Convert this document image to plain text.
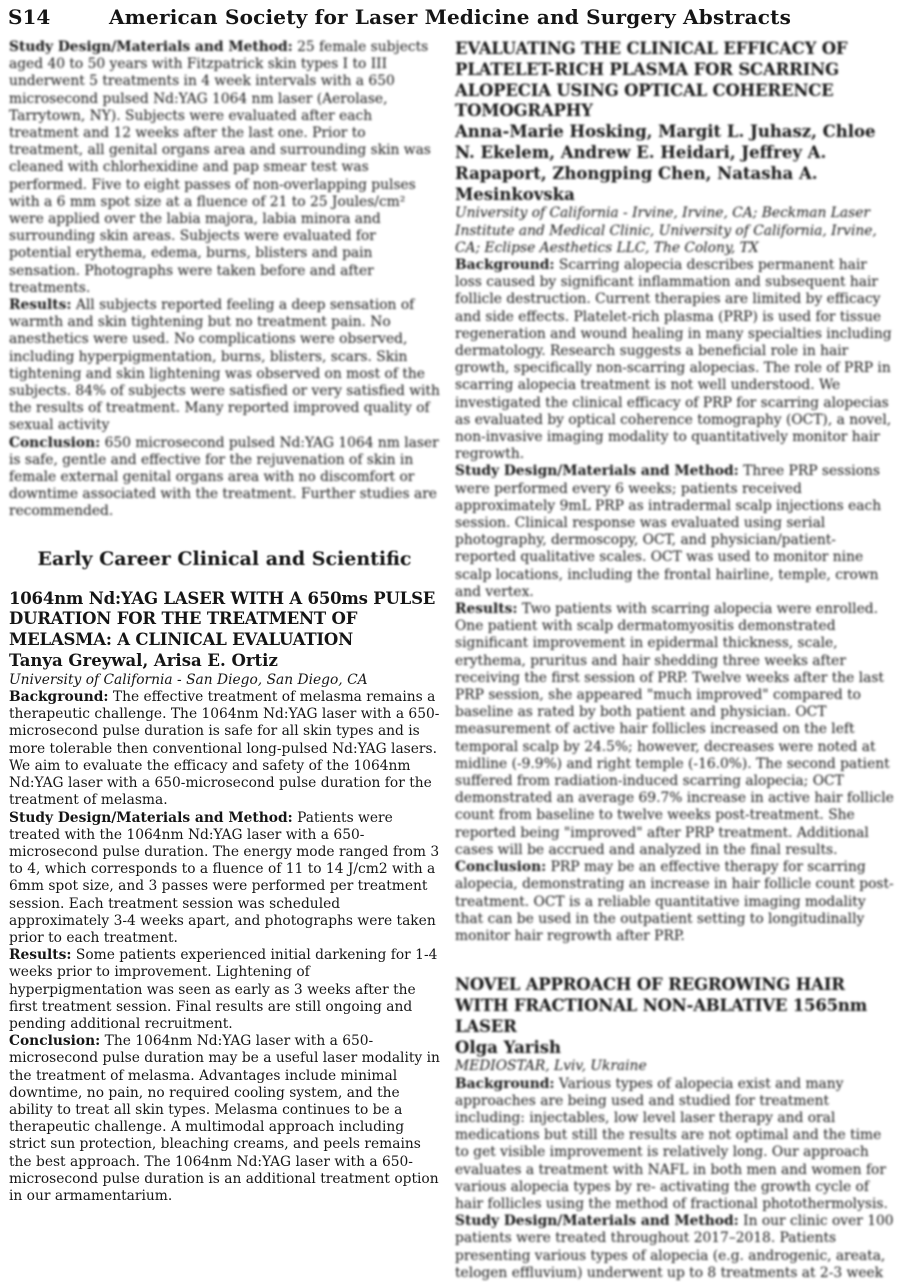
S14	American Society for Laser Medicine and Surgery Abstracts

Study Design/Materials and Method: 25 female subjects aged 40 to 50 years with Fitzpatrick skin types I to III underwent 5 treatments in 4 week intervals with a 650 microsecond pulsed Nd:YAG 1064 nm laser (Aerolase, Tarrytown, NY). Subjects were evaluated after each treatment and 12 weeks after the last one. Prior to treatment, all genital organs area and surrounding skin was cleaned with chlorhexidine and pap smear test was performed. Five to eight passes of non-overlapping pulses with a 6 mm spot size at a fluence of 21 to 25 Joules/cm² were applied over the labia majora, labia minora and surrounding skin areas. Subjects were evaluated for potential erythema, edema, burns, blisters and pain sensation. Photographs were taken before and after treatments.

Results: All subjects reported feeling a deep sensation of warmth and skin tightening but no treatment pain. No anesthetics were used. No complications were observed, including hyperpigmentation, burns, blisters, scars. Skin tightening and skin lightening was observed on most of the subjects. 84% of subjects were satisfied or very satisfied with the results of treatment. Many reported improved quality of sexual activity

Conclusion: 650 microsecond pulsed Nd:YAG 1064 nm laser is safe, gentle and effective for the rejuvenation of skin in female external genital organs area with no discomfort or downtime associated with the treatment. Further studies are recommended.

Early Career Clinical and Scientific
1064nm Nd:YAG LASER WITH A 650ms PULSE DURATION FOR THE TREATMENT OF MELASMA: A CLINICAL EVALUATION
Tanya Greywal, Arisa E. Ortiz
University of California - San Diego, San Diego, CA

Background: The effective treatment of melasma remains a therapeutic challenge. The 1064nm Nd:YAG laser with a 650-microsecond pulse duration is safe for all skin types and is more tolerable then conventional long-pulsed Nd:YAG lasers. We aim to evaluate the efficacy and safety of the 1064nm Nd:YAG laser with a 650-microsecond pulse duration for the treatment of melasma.

Study Design/Materials and Method: Patients were treated with the 1064nm Nd:YAG laser with a 650-microsecond pulse duration. The energy mode ranged from 3 to 4, which corresponds to a fluence of 11 to 14 J/cm2 with a 6mm spot size, and 3 passes were performed per treatment session. Each treatment session was scheduled approximately 3-4 weeks apart, and photographs were taken prior to each treatment.

Results: Some patients experienced initial darkening for 1-4 weeks prior to improvement. Lightening of hyperpigmentation was seen as early as 3 weeks after the first treatment session. Final results are still ongoing and pending additional recruitment.

Conclusion: The 1064nm Nd:YAG laser with a 650-microsecond pulse duration may be a useful laser modality in the treatment of melasma. Advantages include minimal downtime, no pain, no required cooling system, and the ability to treat all skin types. Melasma continues to be a therapeutic challenge. A multimodal approach including strict sun protection, bleaching creams, and peels remains the best approach. The 1064nm Nd:YAG laser with a 650-microsecond pulse duration is an additional treatment option in our armamentarium.

EVALUATING THE CLINICAL EFFICACY OF PLATELET-RICH PLASMA FOR SCARRING ALOPECIA USING OPTICAL COHERENCE TOMOGRAPHY
Anna-Marie Hosking, Margit L. Juhasz, Chloe N. Ekelem, Andrew E. Heidari, Jeffrey A. Rapaport, Zhongping Chen, Natasha A. Mesinkovska
University of California - Irvine, Irvine, CA; Beckman Laser Institute and Medical Clinic, University of California, Irvine, CA; Eclipse Aesthetics LLC, The Colony, TX

Background: Scarring alopecia describes permanent hair loss caused by significant inflammation and subsequent hair follicle destruction. Current therapies are limited by efficacy and side effects. Platelet-rich plasma (PRP) is used for tissue regeneration and wound healing in many specialties including dermatology. Research suggests a beneficial role in hair growth, specifically non-scarring alopecias. The role of PRP in scarring alopecia treatment is not well understood. We investigated the clinical efficacy of PRP for scarring alopecias as evaluated by optical coherence tomography (OCT), a novel, non-invasive imaging modality to quantitatively monitor hair regrowth.

Study Design/Materials and Method: Three PRP sessions were performed every 6 weeks; patients received approximately 9mL PRP as intradermal scalp injections each session. Clinical response was evaluated using serial photography, dermoscopy, OCT, and physician/patient-reported qualitative scales. OCT was used to monitor nine scalp locations, including the frontal hairline, temple, crown and vertex.

Results: Two patients with scarring alopecia were enrolled. One patient with scalp dermatomyositis demonstrated significant improvement in epidermal thickness, scale, erythema, pruritus and hair shedding three weeks after receiving the first session of PRP. Twelve weeks after the last PRP session, she appeared "much improved" compared to baseline as rated by both patient and physician. OCT measurement of active hair follicles increased on the left temporal scalp by 24.5%; however, decreases were noted at midline (-9.9%) and right temple (-16.0%). The second patient suffered from radiation-induced scarring alopecia; OCT demonstrated an average 69.7% increase in active hair follicle count from baseline to twelve weeks post-treatment. She reported being "improved" after PRP treatment. Additional cases will be accrued and analyzed in the final results.

Conclusion: PRP may be an effective therapy for scarring alopecia, demonstrating an increase in hair follicle count post-treatment. OCT is a reliable quantitative imaging modality that can be used in the outpatient setting to longitudinally monitor hair regrowth after PRP.

NOVEL APPROACH OF REGROWING HAIR WITH FRACTIONAL NON-ABLATIVE 1565nm LASER
Olga Yarish
MEDIOSTAR, Lviv, Ukraine

Background: Various types of alopecia exist and many approaches are being used and studied for treatment including: injectables, low level laser therapy and oral medications but still the results are not optimal and the time to get visible improvement is relatively long. Our approach evaluates a treatment with NAFL in both men and women for various alopecia types by re- activating the growth cycle of hair follicles using the method of fractional photothermolysis.

Study Design/Materials and Method: In our clinic over 100 patients were treated throughout 2017–2018. Patients presenting various types of alopecia (e.g. androgenic, areata, telogen effluvium) underwent up to 8 treatments at 2-3 week
